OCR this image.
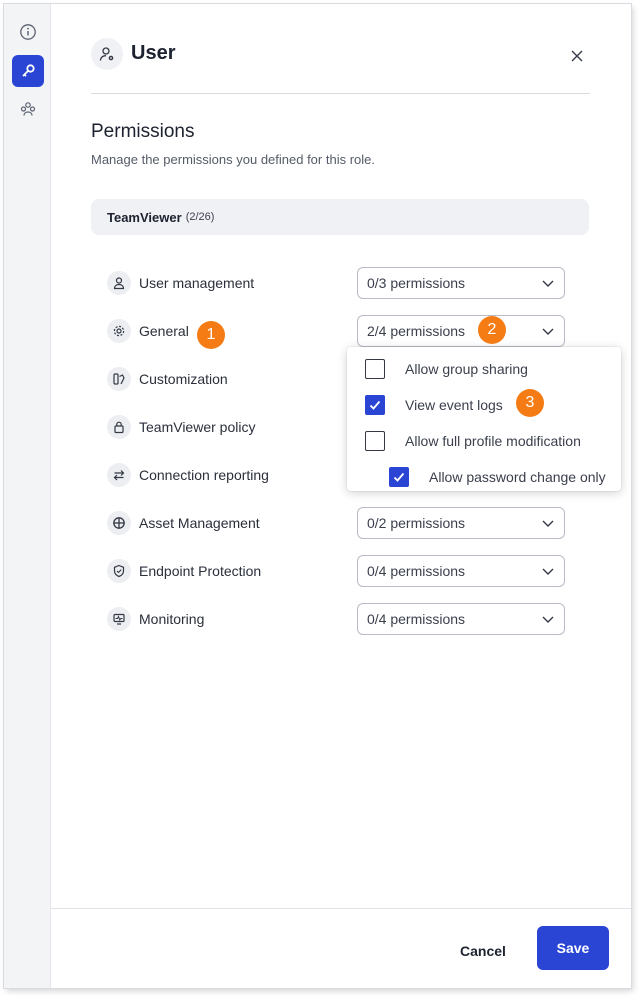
User
Permissions
Manage the permissions you defined for this role.
TeamViewer (2/26)
User management	0/3 permissions
General	2/4 permissions
Customization
TeamViewer policy
Connection reporting
Asset Management	0/2 permissions
Endpoint Protection	0/4 permissions
Monitoring	0/4 permissions
Allow group sharing
View event logs
Allow full profile modification
Allow password change only
1	2
3
Cancel	Save
